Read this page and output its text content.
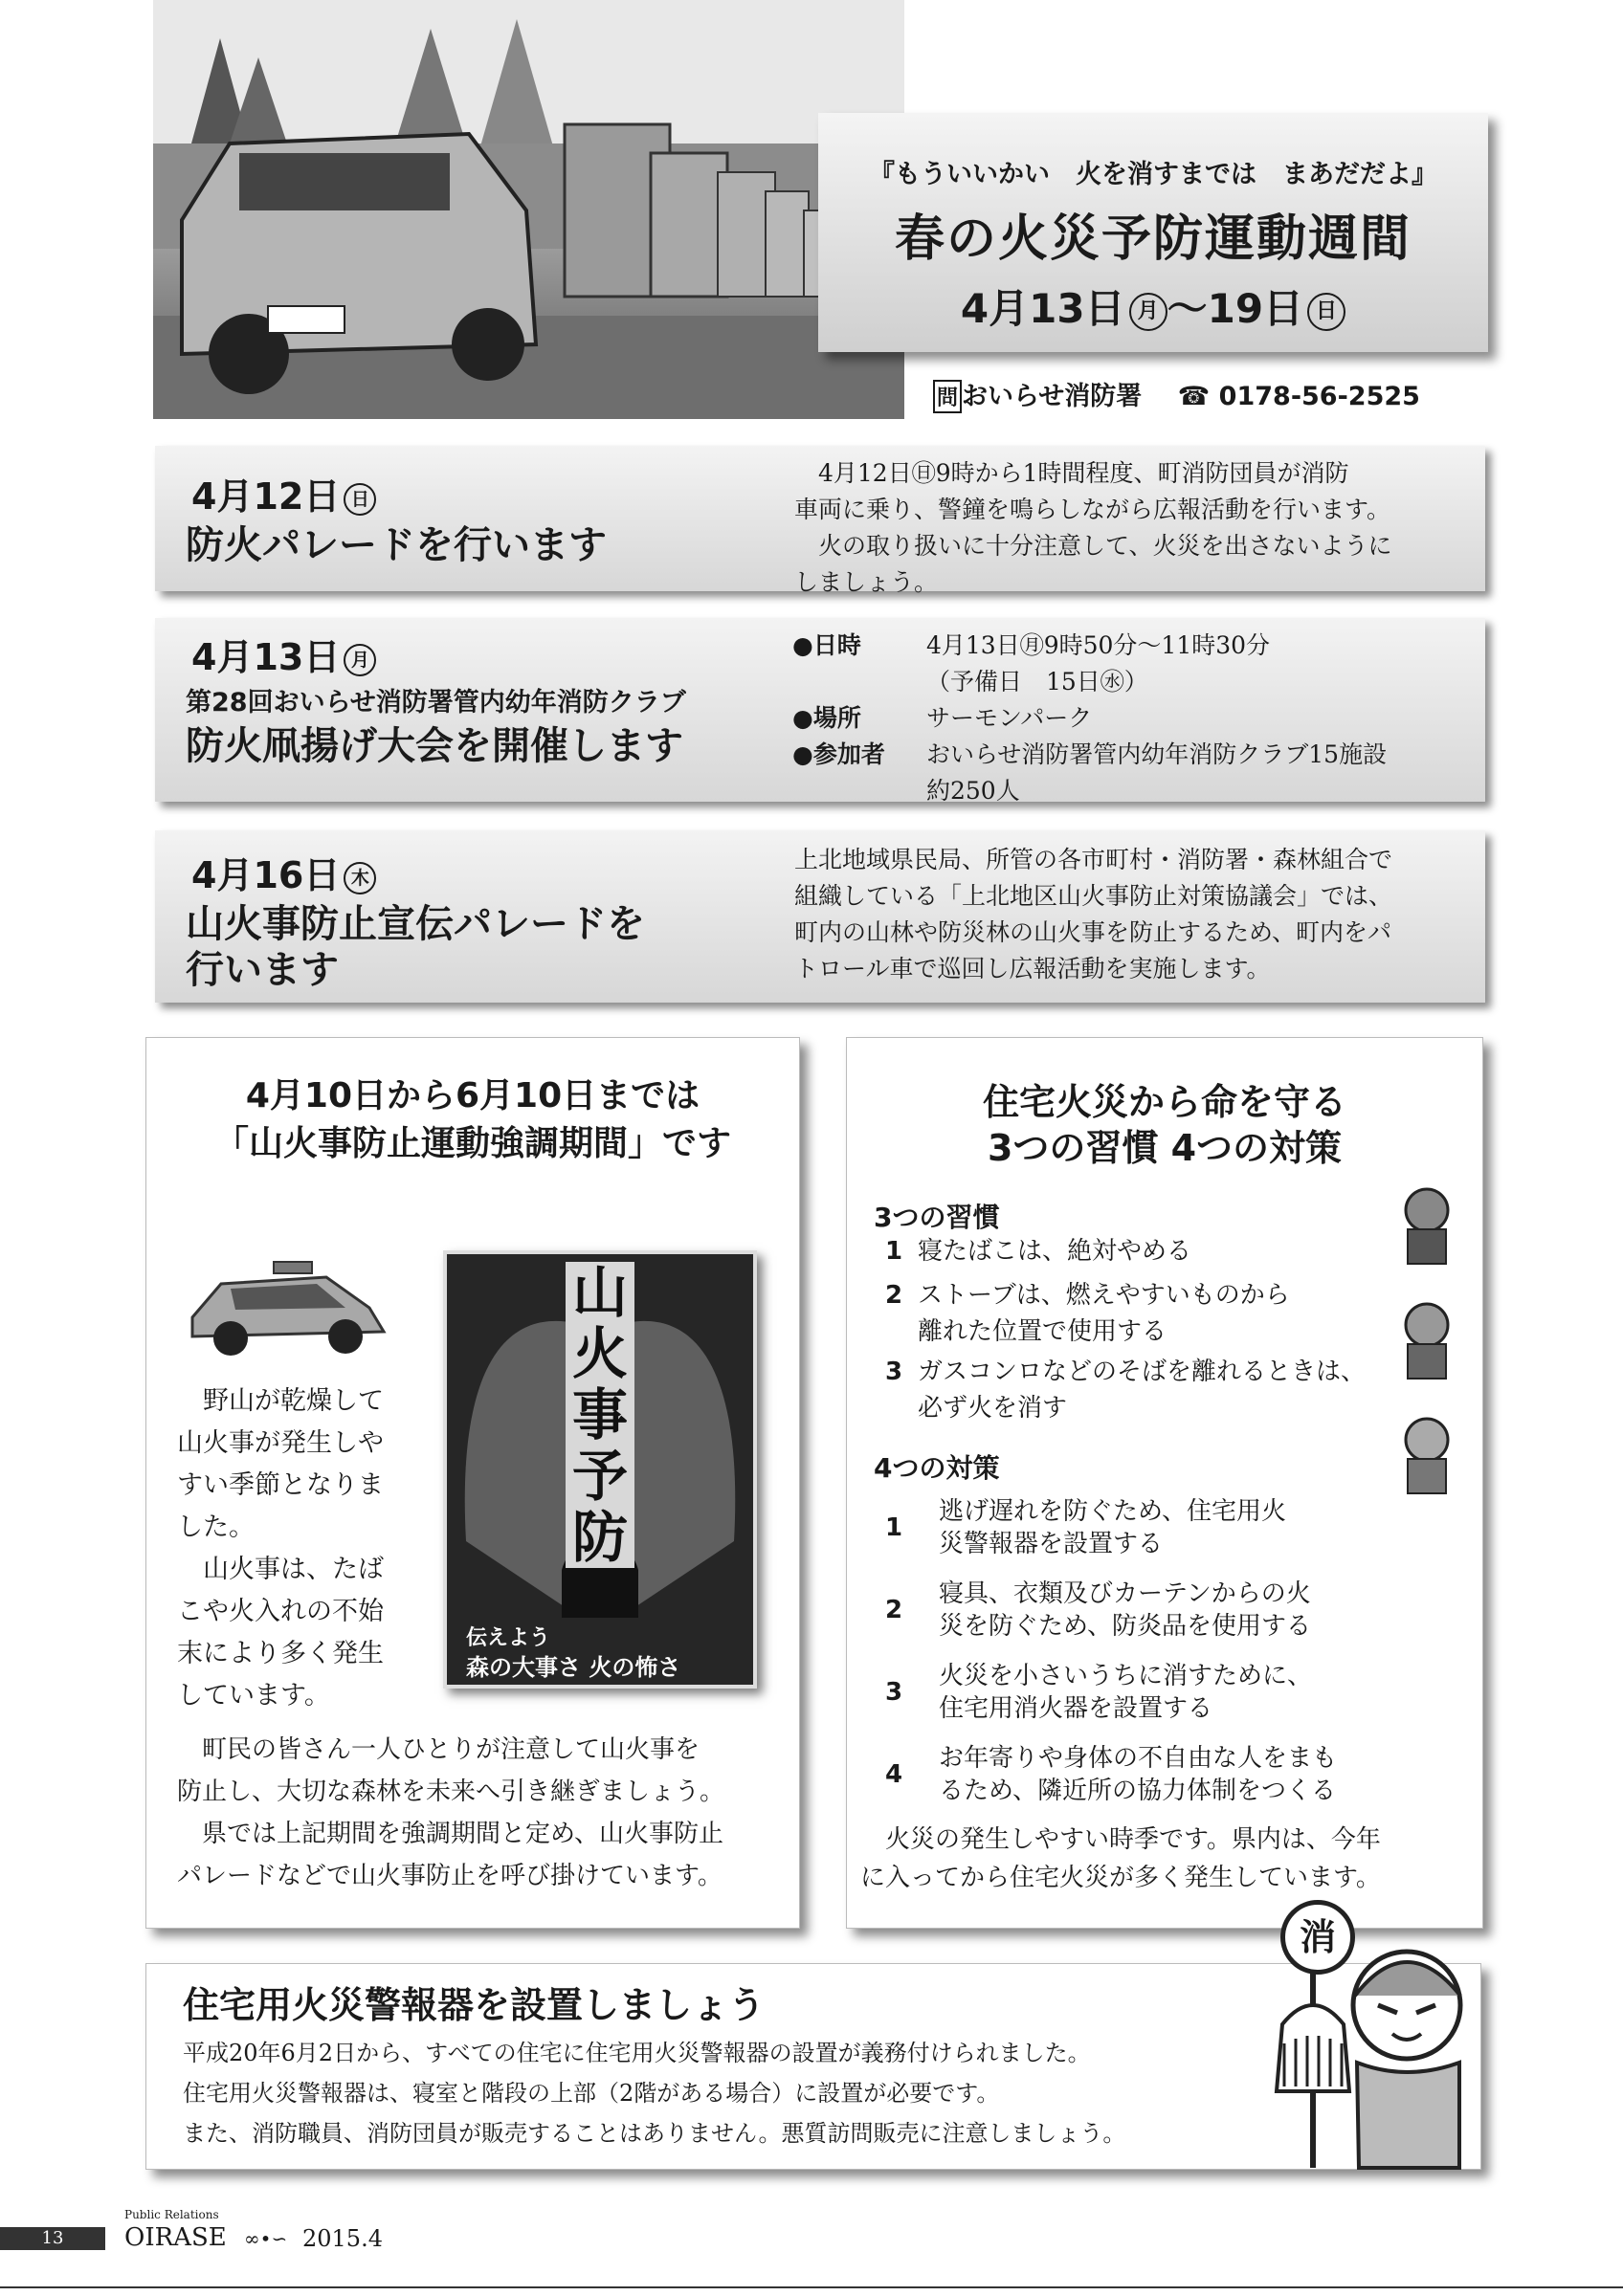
『もういいかい　火を消すまでは　まあだだよ』
春の火災予防運動週間
4月13日 月 〜19日 日
問 おいらせ消防署 ☎ 0178-56-2525
4月12日 日
防火パレードを行います
　4月12日㊐9時から1時間程度、町消防団員が消防
車両に乗り、警鐘を鳴らしながら広報活動を行います。
　火の取り扱いに十分注意して、火災を出さないように
しましょう。
4月13日 月
第28回おいらせ消防署管内幼年消防クラブ
防火凧揚げ大会を開催します
●日時	4月13日㊊9時50分〜11時30分
（予備日　15日㊌）
●場所	サーモンパーク
●参加者 おいらせ消防署管内幼年消防クラブ15施設
約250人
4月16日 木
山火事防止宣伝パレードを
行います
上北地域県民局、所管の各市町村・消防署・森林組合で
組織している「上北地区山火事防止対策協議会」では、
町内の山林や防災林の山火事を防止するため、町内をパ
トロール車で巡回し広報活動を実施します。
4月10日から6月10日までは
「山火事防止運動強調期間」です
山
火
事
予
防
伝えよう
森の大事さ 火の怖さ
　野山が乾燥して
山火事が発生しや
すい季節となりま
した。
　山火事は、たば
こや火入れの不始
末により多く発生
しています。
　町民の皆さん一人ひとりが注意して山火事を
防止し、大切な森林を未来へ引き継ぎましょう。
　県では上記期間を強調期間と定め、山火事防止
パレードなどで山火事防止を呼び掛けています。
住宅火災から命を守る
3つの習慣 4つの対策
3つの習慣
1 寝たばこは、絶対やめる
2 ストーブは、燃えやすいものから
離れた位置で使用する
3 ガスコンロなどのそばを離れるときは、
必ず火を消す
4つの対策
1
逃げ遅れを防ぐため、住宅用火
災警報器を設置する
2
寝具、衣類及びカーテンからの火
災を防ぐため、防炎品を使用する
3
火災を小さいうちに消すために、
住宅用消火器を設置する
4
お年寄りや身体の不自由な人をまも
るため、隣近所の協力体制をつくる
　火災の発生しやすい時季です。県内は、今年
に入ってから住宅火災が多く発生しています。
住宅用火災警報器を設置しましょう
平成20年6月2日から、すべての住宅に住宅用火災警報器の設置が義務付けられました。
住宅用火災警報器は、寝室と階段の上部（2階がある場合）に設置が必要です。
また、消防職員、消防団員が販売することはありません。悪質訪問販売に注意しましょう。
消
13
Public Relations
OIRASE ∞•∽ 2015.4
